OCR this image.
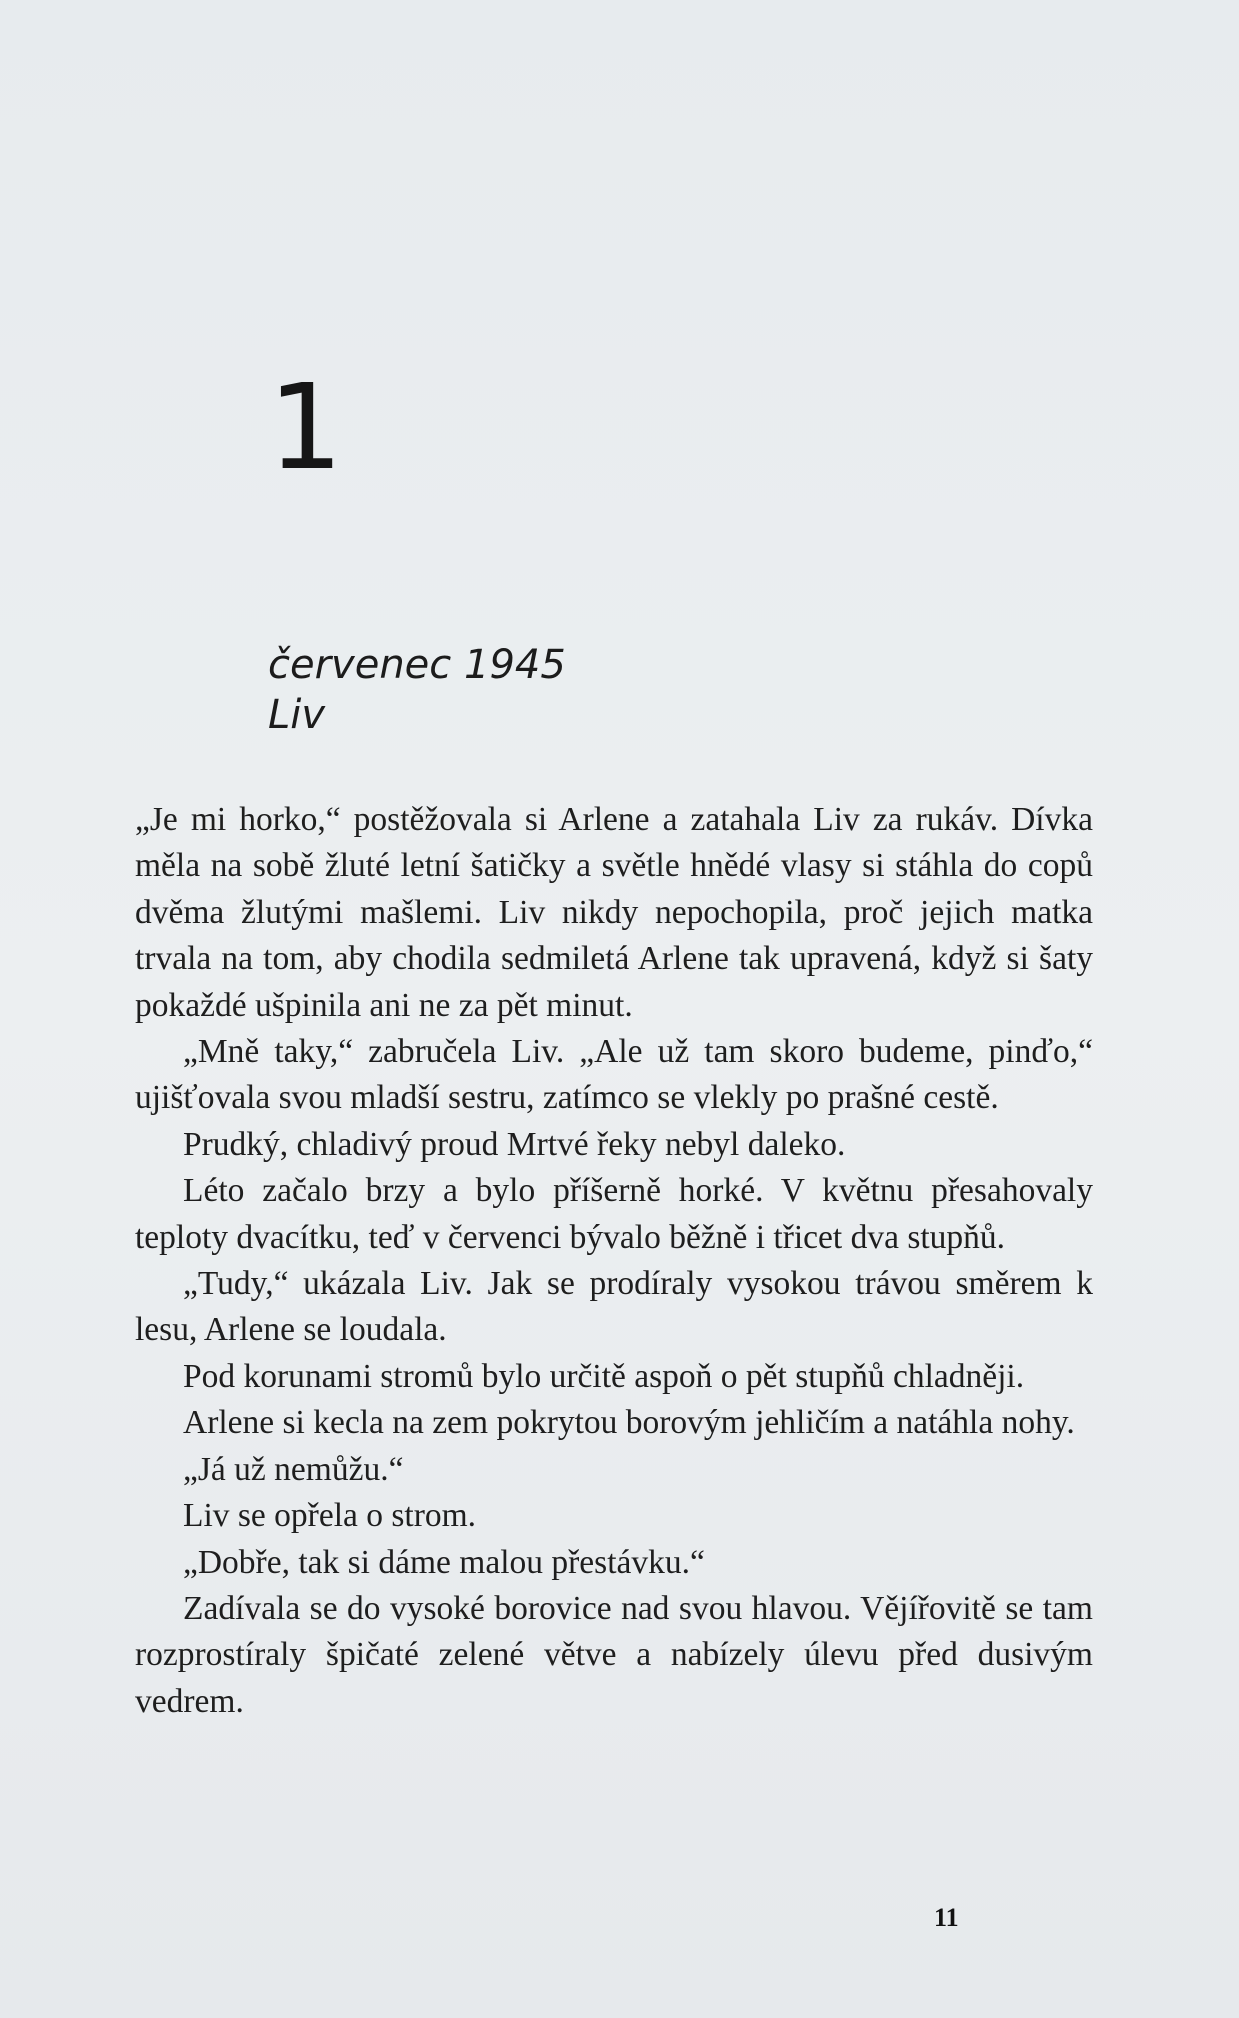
1
červenec 1945
Liv

„Je mi horko,“ postěžovala si Arlene a zatahala Liv za rukáv. Dívka měla na sobě žluté letní šatičky a světle hnědé vlasy si stáhla do copů dvěma žlutými mašlemi. Liv nikdy nepochopila, proč jejich matka trvala na tom, aby chodila sedmiletá Arlene tak upravená, když si šaty pokaždé ušpinila ani ne za pět minut.

„Mně taky,“ zabručela Liv. „Ale už tam skoro budeme, pinďo,“ ujišťovala svou mladší sestru, zatímco se vlekly po prašné cestě.

Prudký, chladivý proud Mrtvé řeky nebyl daleko.

Léto začalo brzy a bylo příšerně horké. V květnu přesahovaly teploty dvacítku, teď v červenci bývalo běžně i třicet dva stupňů.

„Tudy,“ ukázala Liv. Jak se prodíraly vysokou trávou směrem k lesu, Arlene se loudala.

Pod korunami stromů bylo určitě aspoň o pět stupňů chladněji.

Arlene si kecla na zem pokrytou borovým jehličím a natáhla nohy.

„Já už nemůžu.“

Liv se opřela o strom.

„Dobře, tak si dáme malou přestávku.“

Zadívala se do vysoké borovice nad svou hlavou. Vějířovitě se tam rozprostíraly špičaté zelené větve a nabízely úlevu před dusivým vedrem.

11
